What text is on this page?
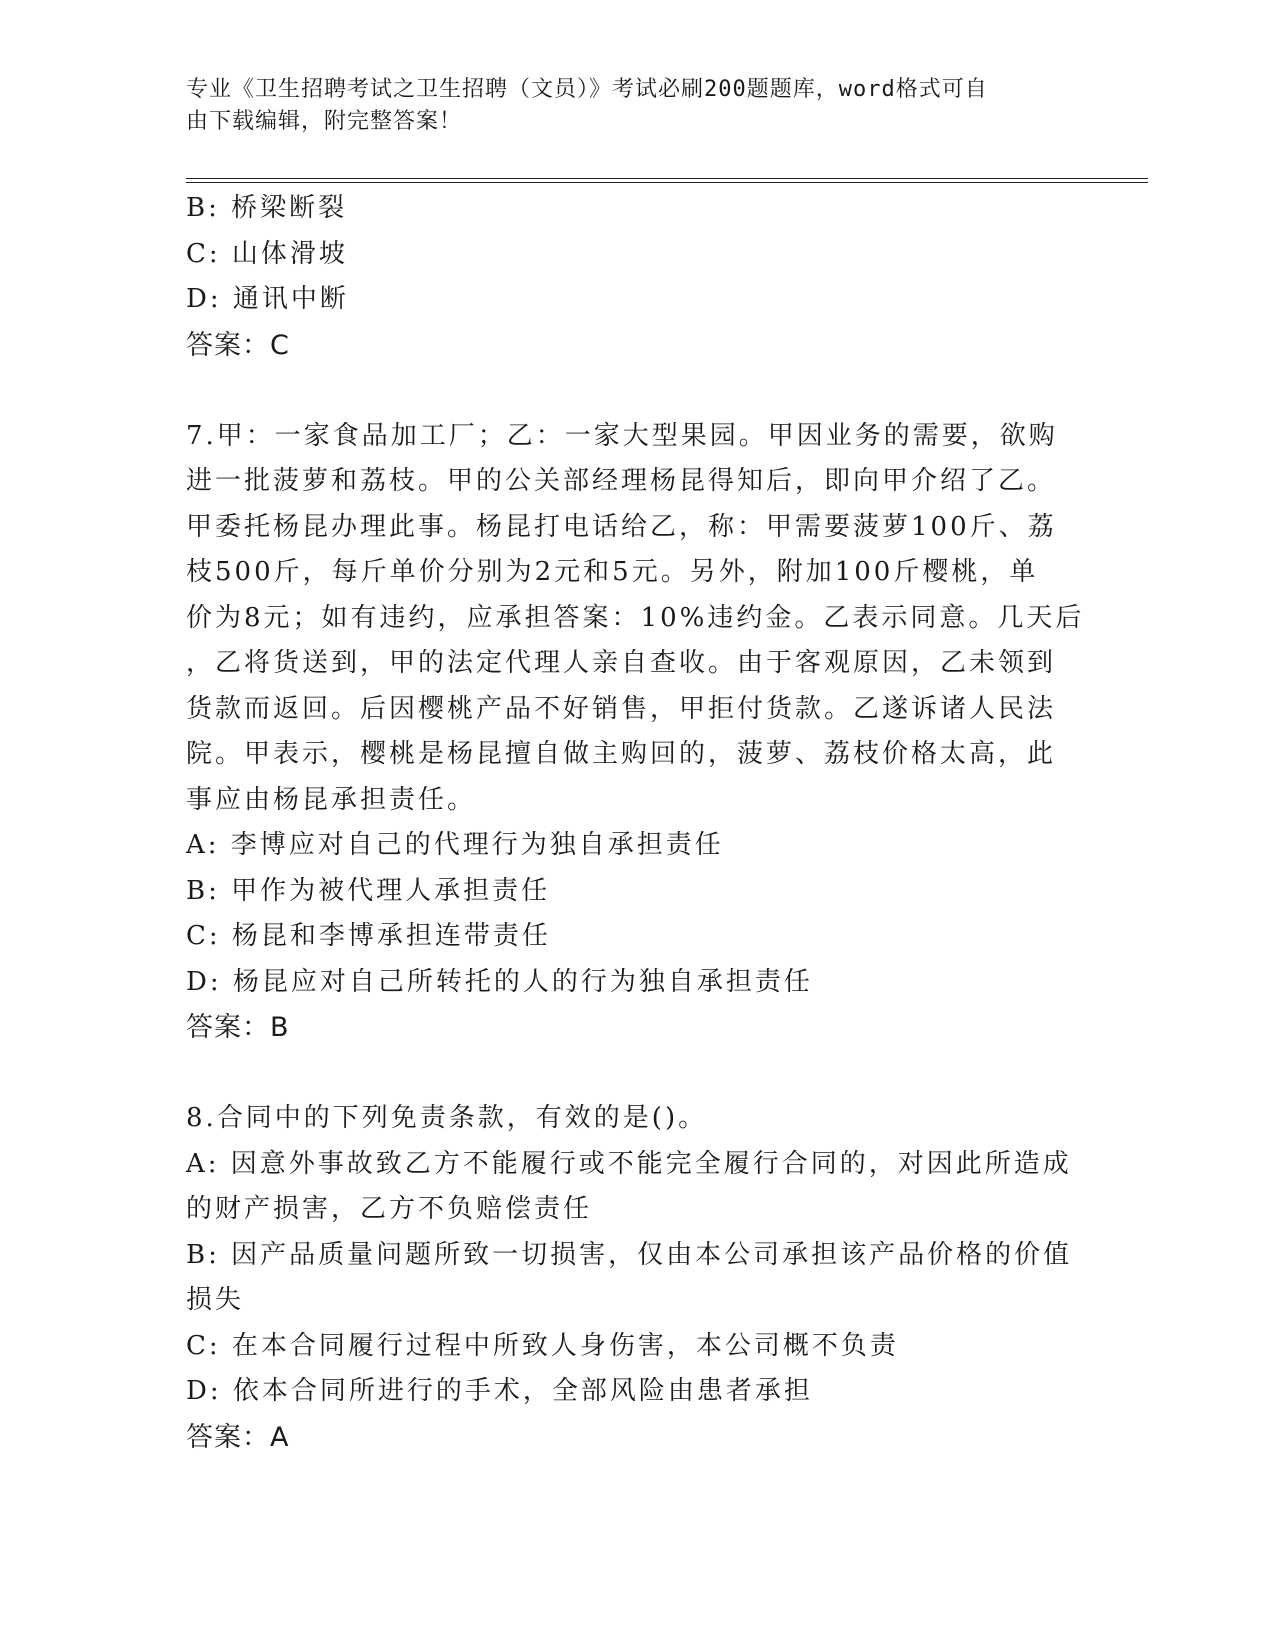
专业《卫生招聘考试之卫生招聘（文员）》考试必刷200题题库，word格式可自
由下载编辑，附完整答案！
B: 桥梁断裂
C: 山体滑坡
D: 通讯中断
答案：C
7.甲：一家食品加工厂；乙：一家大型果园。甲因业务的需要，欲购
进一批菠萝和荔枝。甲的公关部经理杨昆得知后，即向甲介绍了乙。
甲委托杨昆办理此事。杨昆打电话给乙，称：甲需要菠萝100斤、荔
枝500斤，每斤单价分别为2元和5元。另外，附加100斤樱桃，单
价为8元；如有违约，应承担答案：10%违约金。乙表示同意。几天后
，乙将货送到，甲的法定代理人亲自查收。由于客观原因，乙未领到
货款而返回。后因樱桃产品不好销售，甲拒付货款。乙遂诉诸人民法
院。甲表示，樱桃是杨昆擅自做主购回的，菠萝、荔枝价格太高，此
事应由杨昆承担责任。
A: 李博应对自己的代理行为独自承担责任
B: 甲作为被代理人承担责任
C: 杨昆和李博承担连带责任
D: 杨昆应对自己所转托的人的行为独自承担责任
答案：B
8.合同中的下列免责条款，有效的是()。
A: 因意外事故致乙方不能履行或不能完全履行合同的，对因此所造成
的财产损害，乙方不负赔偿责任
B: 因产品质量问题所致一切损害，仅由本公司承担该产品价格的价值
损失
C: 在本合同履行过程中所致人身伤害，本公司概不负责
D: 依本合同所进行的手术，全部风险由患者承担
答案：A
